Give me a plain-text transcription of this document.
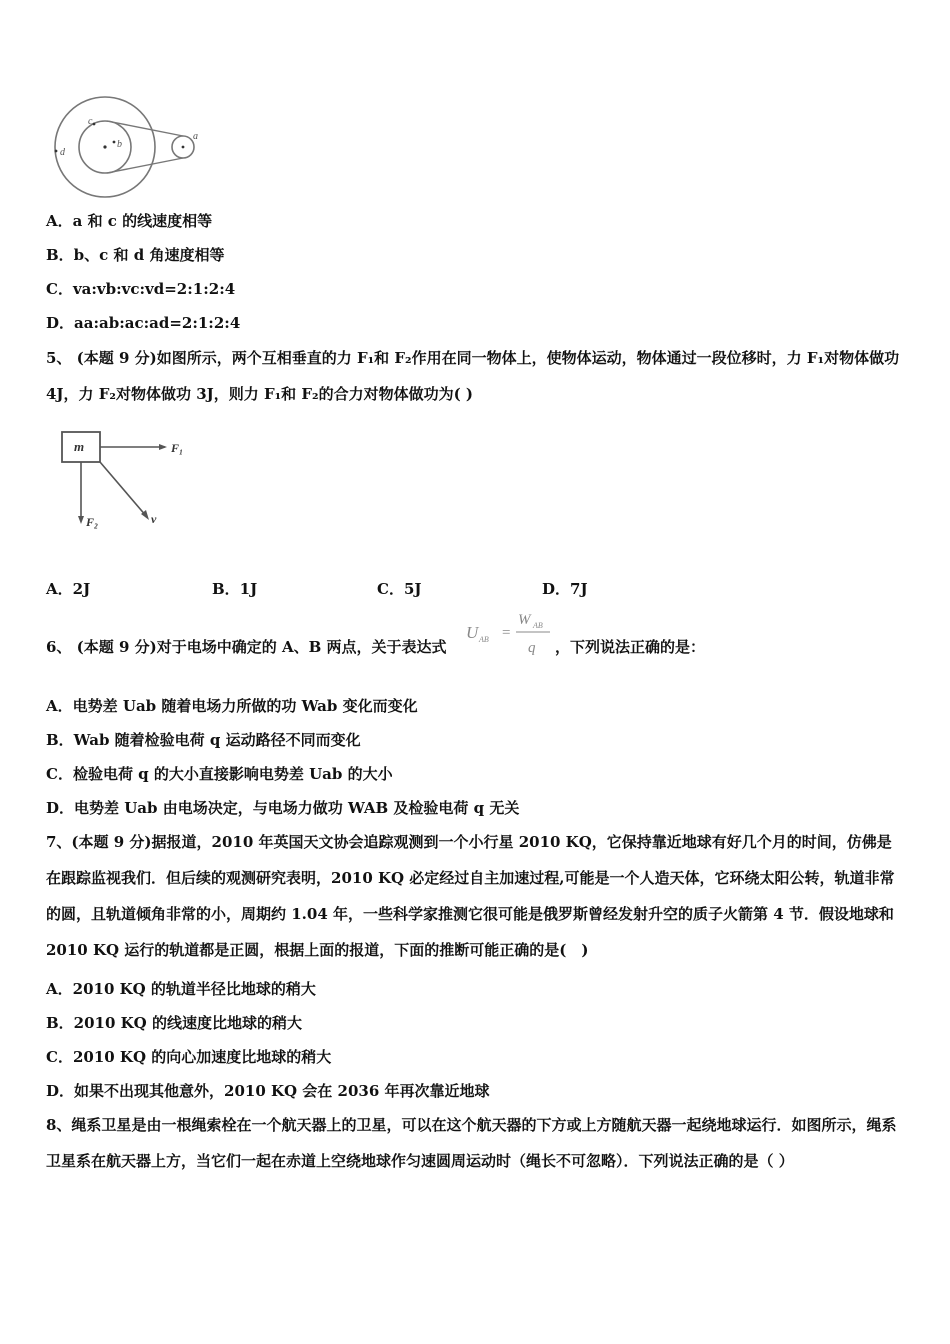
a
b
c
d
A．a 和 c 的线速度相等
B．b、c 和 d 角速度相等
C．va:vb:vc:vd=2:1:2:4
D．aa:ab:ac:ad=2:1:2:4
5、 (本题 9 分)如图所示，两个互相垂直的力 F₁和 F₂作用在同一物体上，使物体运动，物体通过一段位移时，力 F₁对物体做功 4J，力 F₂对物体做功 3J，则力 F₁和 F₂的合力对物体做功为( )
m	F₁
F₂	v
A．2J	B．1J	C．5J	D．7J
6、 (本题 9 分)对于电场中确定的 A、B 两点，关于表达式
U AB =
W AB
q ，下列说法正确的是：
A．电势差 Uab 随着电场力所做的功 Wab 变化而变化
B．Wab 随着检验电荷 q 运动路径不同而变化
C．检验电荷 q 的大小直接影响电势差 Uab 的大小
D．电势差 Uab 由电场决定，与电场力做功 WAB 及检验电荷 q 无关
7、(本题 9 分)据报道，2010 年英国天文协会追踪观测到一个小行星 2010 KQ，它保持靠近地球有好几个月的时间，仿佛是在跟踪监视我们．但后续的观测研究表明，2010 KQ 必定经过自主加速过程,可能是一个人造天体，它环绕太阳公转，轨道非常的圆，且轨道倾角非常的小，周期约 1.04 年，一些科学家推测它很可能是俄罗斯曾经发射升空的质子火箭第 4 节．假设地球和 2010 KQ 运行的轨道都是正圆，根据上面的报道，下面的推断可能正确的是(　)
A．2010 KQ 的轨道半径比地球的稍大
B．2010 KQ 的线速度比地球的稍大
C．2010 KQ 的向心加速度比地球的稍大
D．如果不出现其他意外，2010 KQ 会在 2036 年再次靠近地球
8、绳系卫星是由一根绳索栓在一个航天器上的卫星，可以在这个航天器的下方或上方随航天器一起绕地球运行．如图所示，绳系卫星系在航天器上方，当它们一起在赤道上空绕地球作匀速圆周运动时（绳长不可忽略）．下列说法正确的是（ ）
